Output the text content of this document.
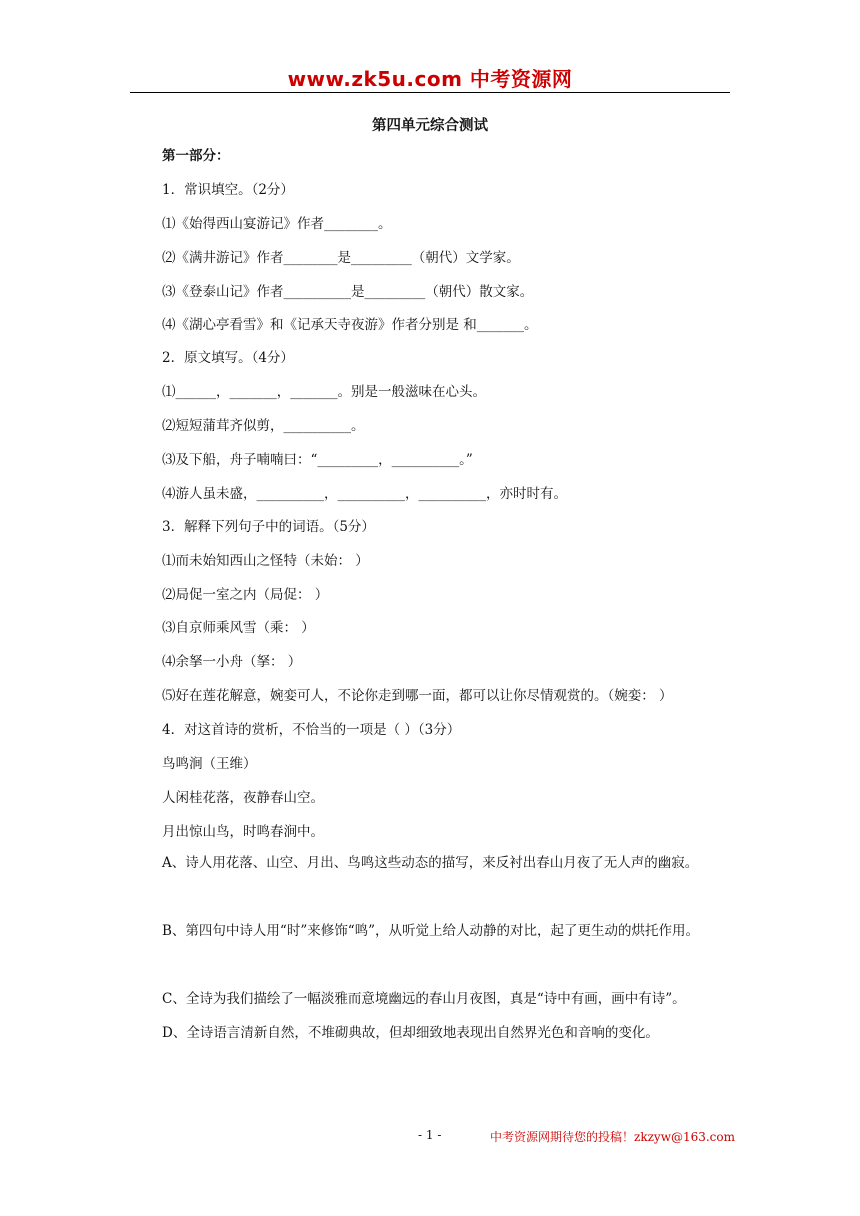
www.zk5u.com 中考资源网
第四单元综合测试
第一部分：
1．常识填空。（2分）
⑴《始得西山宴游记》作者________。
⑵《满井游记》作者________是_________（朝代）文学家。
⑶《登泰山记》作者__________是_________（朝代）散文家。
⑷《湖心亭看雪》和《记承天寺夜游》作者分别是 和_______。
2．原文填写。（4分）
⑴______，_______，_______。别是一般滋味在心头。
⑵短短蒲茸齐似剪，__________。
⑶及下船，舟子喃喃曰：“_________，__________。”
⑷游人虽未盛，__________，__________，__________，亦时时有。
3．解释下列句子中的词语。（5分）
⑴而未始知西山之怪特（未始： ）
⑵局促一室之内（局促： ）
⑶自京师乘风雪（乘： ）
⑷余拏一小舟（拏： ）
⑸好在莲花解意，婉娈可人，不论你走到哪一面，都可以让你尽情观赏的。（婉娈： ）
4．对这首诗的赏析，不恰当的一项是（ ）（3分）
鸟鸣涧（王维）
人闲桂花落，夜静春山空。
月出惊山鸟，时鸣春涧中。
A、诗人用花落、山空、月出、鸟鸣这些动态的描写，来反衬出春山月夜了无人声的幽寂。
B、第四句中诗人用“时”来修饰“鸣”，从听觉上给人动静的对比，起了更生动的烘托作用。
C、全诗为我们描绘了一幅淡雅而意境幽远的春山月夜图，真是“诗中有画，画中有诗”。
D、全诗语言清新自然，不堆砌典故，但却细致地表现出自然界光色和音响的变化。
- 1 -	中考资源网期待您的投稿！zkzyw@163.com
